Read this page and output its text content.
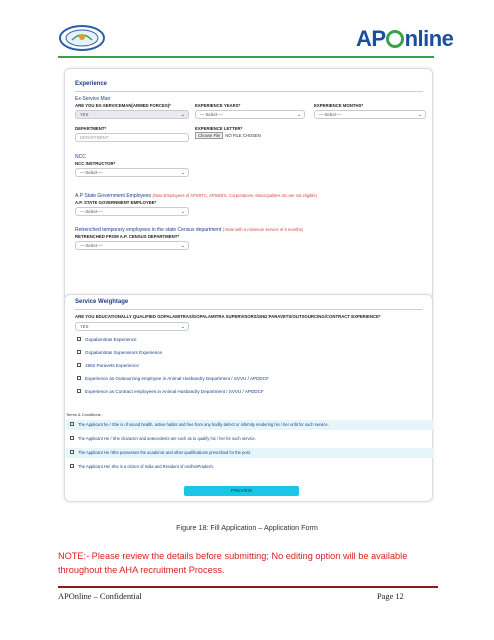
AP nline
Experience
Ex-Service Man
ARE YOU EX-SERVICEMAN(ARMED FORCES)*
YES	⌄
EXPERIENCE YEARS*
----Select----	⌄
EXPERIENCE MONTHS*
----Select----	⌄
DEPARTMENT*
DEPARTMENT
EXPERIENCE LETTER*
Choose File NO FILE CHOSEN
NCC
NCC INSTRUCTOR*
----Select----	⌄
A.P State Government Employees (Note:Employees of APSRTC, APSEB'S, Corporations, Municipalities etc.are not eligible)
A.P. STATE GOVERNMENT EMPLOYEE*
----Select----	⌄
Retrenched temporary employees in the state Census department ( Note:with a minimum service of 6 months)
RETRENCHED FROM A.P. CENSUS DEPARTMENT*
----Select----	⌄
Service Weightage
ARE YOU EDUCATIONALLY QUALIFIED GOPALAMITRAS/GOPALAMITRA SUPERVISORS/1962 PARAVETS/OUTSOURCING/CONTRACT EXPERIENCE*
YES	⌄
Gopalamitras Experience
Gopalamitras Supervisors Experience
1962 Paravets Experience
Experience as Outsourcing employee in Animal Husbandry Department / SVVU / APDDCF
Experience as Contract employees in Animal Husbandry Department / SVVU / APDDCF
Terms & Conditions :
The Applicant he / She is of sound health, active habits and free from any bodily defect or infirmity rendering his / her unfit for such service.
The Applicant He / She character and antecedents are such as to qualify his / her for such service.
The Applicant He /She possesses the academic and other qualifications prescribed for the post.
The Applicant He/ She is a citizen of India and Resident of AndhraPradesh.
PREVIEW
Figure 18: Fill Application – Application Form
NOTE:- Please review the details before submitting; No editing option will be available throughout the AHA recruitment Process.
APOnline – Confidential	Page 12
